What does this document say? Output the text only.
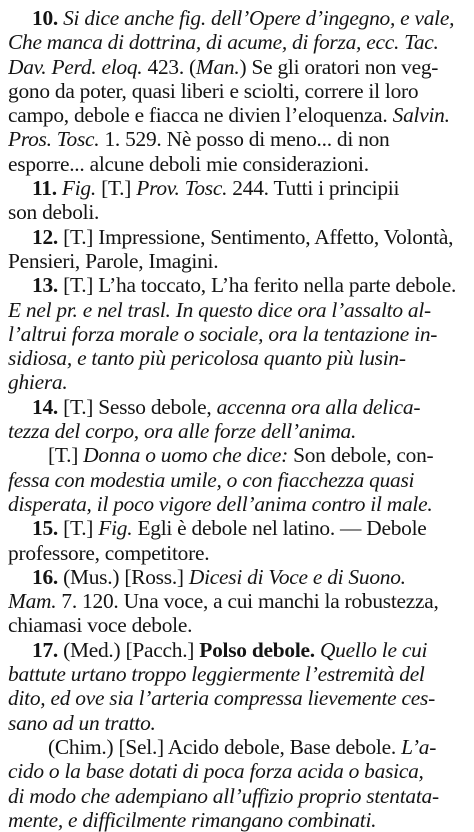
10. Si dice anche fig. dell’Opere d’ingegno, e vale,
Che manca di dottrina, di acume, di forza, ecc. Tac.
Dav. Perd. eloq. 423. (Man.) Se gli oratori non veg-
gono da poter, quasi liberi e sciolti, correre il loro
campo, debole e fiacca ne divien l’eloquenza. Salvin.
Pros. Tosc. 1. 529. Nè posso di meno... di non
esporre... alcune deboli mie considerazioni.
11. Fig. [T.] Prov. Tosc. 244. Tutti i principii
son deboli.
12. [T.] Impressione, Sentimento, Affetto, Volontà,
Pensieri, Parole, Imagini.
13. [T.] L’ha toccato, L’ha ferito nella parte debole.
E nel pr. e nel trasl. In questo dice ora l’assalto al-
l’altrui forza morale o sociale, ora la tentazione in-
sidiosa, e tanto più pericolosa quanto più lusin-
ghiera.
14. [T.] Sesso debole, accenna ora alla delica-
tezza del corpo, ora alle forze dell’anima.
[T.] Donna o uomo che dice: Son debole, con-
fessa con modestia umile, o con fiacchezza quasi
disperata, il poco vigore dell’anima contro il male.
15. [T.] Fig. Egli è debole nel latino. — Debole
professore, competitore.
16. (Mus.) [Ross.] Dicesi di Voce e di Suono.
Mam. 7. 120. Una voce, a cui manchi la robustezza,
chiamasi voce debole.
17. (Med.) [Pacch.] Polso debole. Quello le cui
battute urtano troppo leggiermente l’estremità del
dito, ed ove sia l’arteria compressa lievemente ces-
sano ad un tratto.
(Chim.) [Sel.] Acido debole, Base debole. L’a-
cido o la base dotati di poca forza acida o basica,
di modo che adempiano all’uffizio proprio stentata-
mente, e difficilmente rimangano combinati.
